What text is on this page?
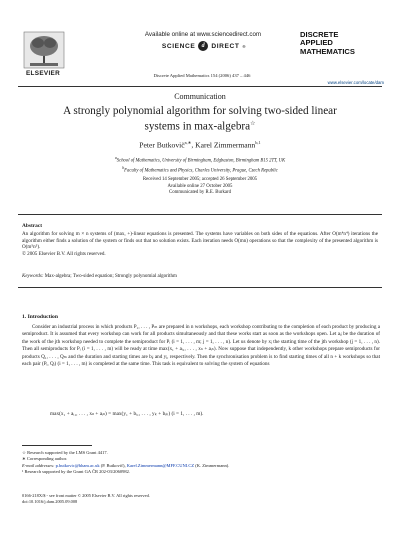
Available online at www.sciencedirect.com
SCIENCE	d DIRECT ®
Discrete Applied Mathematics 154 (2006) 437 – 446
ELSEVIER
DISCRETE
APPLIED
MATHEMATICS
www.elsevier.com/locate/dam
Communication
A strongly polynomial algorithm for solving two-sided linear
systems in max-algebra☆
Peter Butkovič$^{a,∗}$, Karel Zimmermann$^{b,1}$
$^a$School of Mathematics, University of Birmingham, Edgbaston, Birmingham B15 2TT, UK
$^b$Faculty of Mathematics and Physics, Charles University, Prague, Czech Republic
Received 14 September 2005; accepted 26 September 2005
Available online 27 October 2005
Communicated by R.E. Burkard
Abstract
An algorithm for solving m × n systems of (max, +)-linear equations is presented. The systems have variables on both sides of the equations. After O(m⁴n⁴) iterations the algorithm either finds a solution of the system or finds out that no solution exists. Each iteration needs O(mn) operations so that the complexity of the presented algorithm is O(m⁵n⁵).
© 2005 Elsevier B.V. All rights reserved.
Keywords: Max-algebra; Two-sided equation; Strongly polynomial algorithm
1. Introduction
Consider an industrial process in which products P₁, . . . , Pₘ are prepared in n workshops, each workshop contributing to the completion of each product by producing a semiproduct. It is assumed that every workshop can work for all products simultaneously and that these works start as soon as the workshops open. Let aᵢⱼ be the duration of the work of the jth workshop needed to complete the semiproduct for Pᵢ (i = 1, . . . , m; j = 1, . . . , n). Let us denote by xⱼ the starting time of the jth workshop (j = 1, . . . , n). Then all semiproducts for Pᵢ (i = 1, . . . , m) will be ready at time max(x₁ + aᵢ₁, . . . , xₙ + aᵢₙ). Now suppose that independently, k other workshops prepare semiproducts for products Q₁, . . . , Qₘ and the duration and starting times are bᵢⱼ and yⱼ, respectively. Then the synchronisation problem is to find starting times of all n + k workshops so that each pair (Pᵢ, Qᵢ) (i = 1, . . . , m) is completed at the same time. This task is equivalent to solving the system of equations
max(x₁ + aᵢ₁, . . . , xₙ + aᵢₙ) = max(y₁ + bᵢ₁, . . . , yₖ + bᵢₖ) (i = 1, . . . , m).
☆ Research supported by the LMS Grant 4417.
∗ Corresponding author.
E-mail addresses: p.butkovic@bham.ac.uk (P. Butkovič), Karel.Zimmermann@MFF.CUNI.CZ (K. Zimmermann).
¹ Research supported by the Grant GA ČR 202-03/2060982.
0166-218X/$ - see front matter © 2005 Elsevier B.V. All rights reserved.
doi:10.1016/j.dam.2005.09.008
